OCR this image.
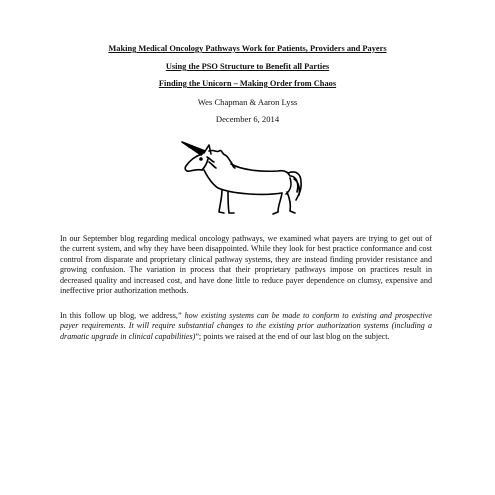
Making Medical Oncology Pathways Work for Patients, Providers and Payers
Using the PSO Structure to Benefit all Parties
Finding the Unicorn – Making Order from Chaos
Wes Chapman & Aaron Lyss
December 6, 2014

In our September blog regarding medical oncology pathways, we examined what payers are trying to get out of the current system, and why they have been disappointed. While they look for best practice conformance and cost control from disparate and proprietary clinical pathway systems, they are instead finding provider resistance and growing confusion. The variation in process that their proprietary pathways impose on practices result in decreased quality and increased cost, and have done little to reduce payer dependence on clumsy, expensive and ineffective prior authorization methods.

In this follow up blog, we address,” how existing systems can be made to conform to existing and prospective payer requirements. It will require substantial changes to the existing prior authorization systems (including a dramatic upgrade in clinical capabilities)”; points we raised at the end of our last blog on the subject.
